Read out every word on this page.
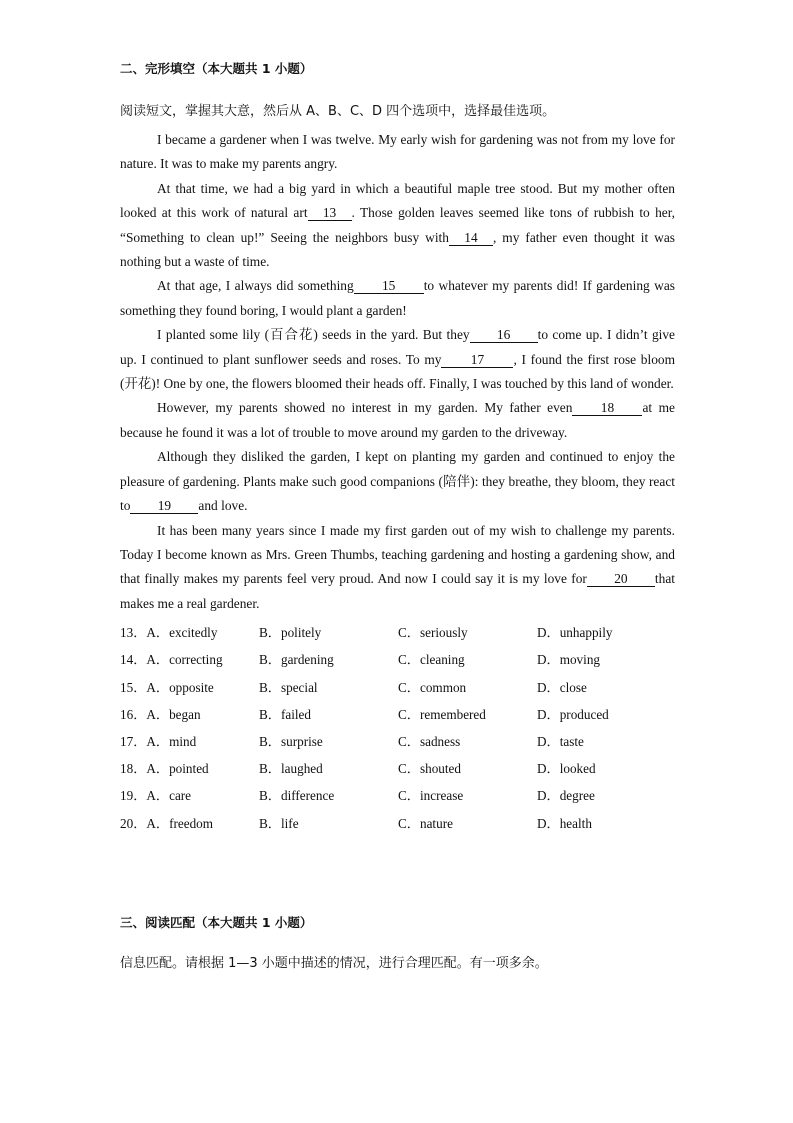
二、完形填空（本大题共 1 小题）
阅读短文，掌握其大意，然后从 A、B、C、D 四个选项中，选择最佳选项。

I became a gardener when I was twelve. My early wish for gardening was not from my love for nature. It was to make my parents angry.

At that time, we had a big yard in which a beautiful maple tree stood. But my mother often looked at this work of natural art 13 . Those golden leaves seemed like tons of rubbish to her, “Something to clean up!” Seeing the neighbors busy with 14 , my father even thought it was nothing but a waste of time.

At that age, I always did something 15 to whatever my parents did! If gardening was something they found boring, I would plant a garden!

I planted some lily (百合花) seeds in the yard. But they 16 to come up. I didn’t give up. I continued to plant sunflower seeds and roses. To my 17 , I found the first rose bloom (开花)! One by one, the flowers bloomed their heads off. Finally, I was touched by this land of wonder.

However, my parents showed no interest in my garden. My father even 18 at me because he found it was a lot of trouble to move around my garden to the driveway.

Although they disliked the garden, I kept on planting my garden and continued to enjoy the pleasure of gardening. Plants make such good companions (陪伴): they breathe, they bloom, they react to 19 and love.

It has been many years since I made my first garden out of my wish to challenge my parents. Today I become known as Mrs. Green Thumbs, teaching gardening and hosting a gardening show, and that finally makes my parents feel very proud. And now I could say it is my love for 20 that makes me a real gardener.

13．A．excitedly	B．politely	C．seriously	D．unhappily
14．A．correcting	B．gardening	C．cleaning	D．moving
15．A．opposite	B．special	C．common	D．close
16．A．began	B．failed	C．remembered	D．produced
17．A．mind	B．surprise	C．sadness	D．taste
18．A．pointed	B．laughed	C．shouted	D．looked
19．A．care	B．difference	C．increase	D．degree
20．A．freedom	B．life	C．nature	D．health
三、阅读匹配（本大题共 1 小题）
信息匹配。请根据 1—3 小题中描述的情况，进行合理匹配。有一项多余。
